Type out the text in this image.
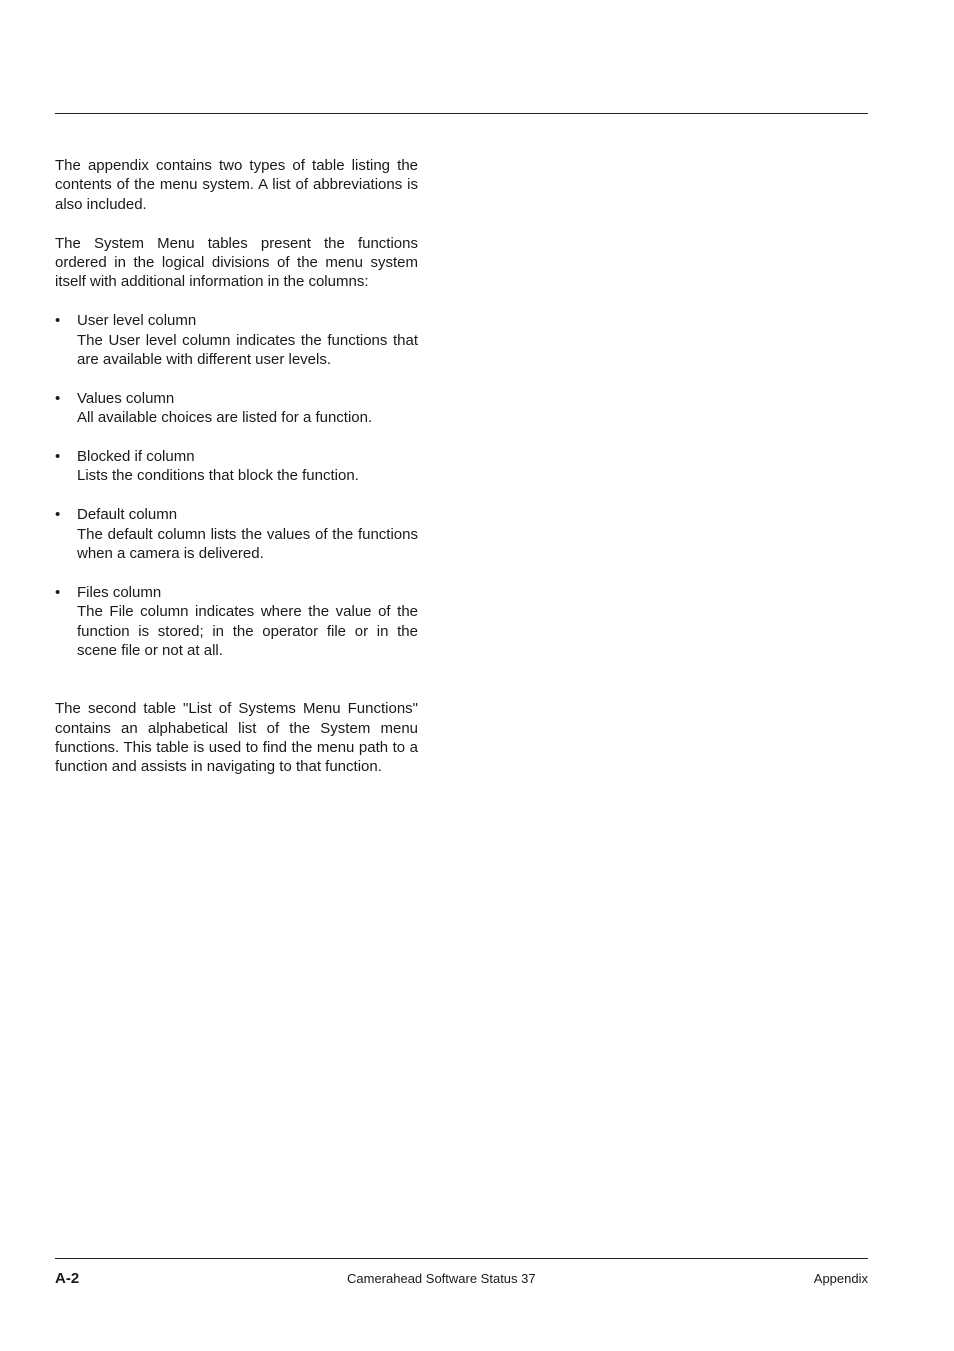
The appendix contains two types of table listing the contents of the menu system. A list of abbreviations is also included.

The System Menu tables present the functions ordered in the logical divisions of the menu system itself with additional information in the columns:

• User level column
The User level column indicates the functions that are available with different user levels.
• Values column
All available choices are listed for a function.
• Blocked if column
Lists the conditions that block the function.
• Default column
The default column lists the values of the functions when a camera is delivered.
• Files column
The File column indicates where the value of the function is stored; in the operator file or in the scene file or not at all.

The second table "List of Systems Menu Functions" contains an alphabetical list of the System menu functions. This table is used to find the menu path to a function and assists in navigating to that function.

A-2	Camerahead Software Status 37	Appendix
